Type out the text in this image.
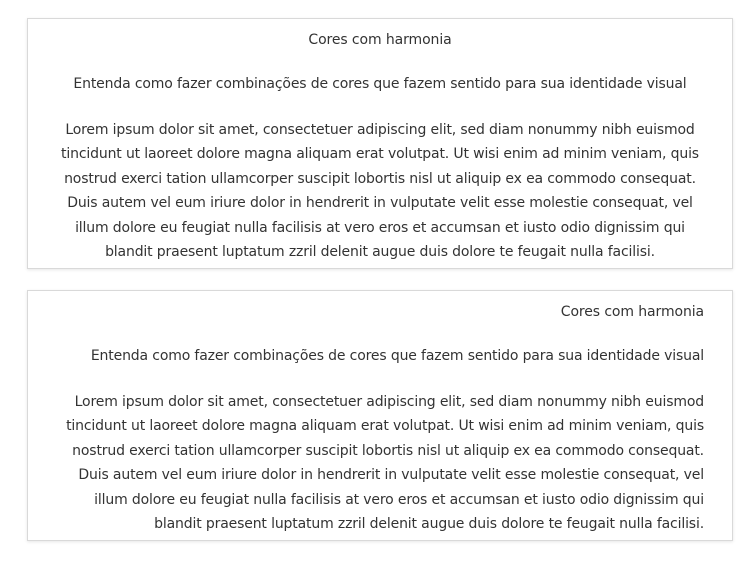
Cores com harmonia

Entenda como fazer combinações de cores que fazem sentido para sua identidade visual

Lorem ipsum dolor sit amet, consectetuer adipiscing elit, sed diam nonummy nibh euismod
tincidunt ut laoreet dolore magna aliquam erat volutpat. Ut wisi enim ad minim veniam, quis
nostrud exerci tation ullamcorper suscipit lobortis nisl ut aliquip ex ea commodo consequat.
Duis autem vel eum iriure dolor in hendrerit in vulputate velit esse molestie consequat, vel
illum dolore eu feugiat nulla facilisis at vero eros et accumsan et iusto odio dignissim qui
blandit praesent luptatum zzril delenit augue duis dolore te feugait nulla facilisi.

Cores com harmonia

Entenda como fazer combinações de cores que fazem sentido para sua identidade visual

Lorem ipsum dolor sit amet, consectetuer adipiscing elit, sed diam nonummy nibh euismod
tincidunt ut laoreet dolore magna aliquam erat volutpat. Ut wisi enim ad minim veniam, quis
nostrud exerci tation ullamcorper suscipit lobortis nisl ut aliquip ex ea commodo consequat.
Duis autem vel eum iriure dolor in hendrerit in vulputate velit esse molestie consequat, vel
illum dolore eu feugiat nulla facilisis at vero eros et accumsan et iusto odio dignissim qui
blandit praesent luptatum zzril delenit augue duis dolore te feugait nulla facilisi.
